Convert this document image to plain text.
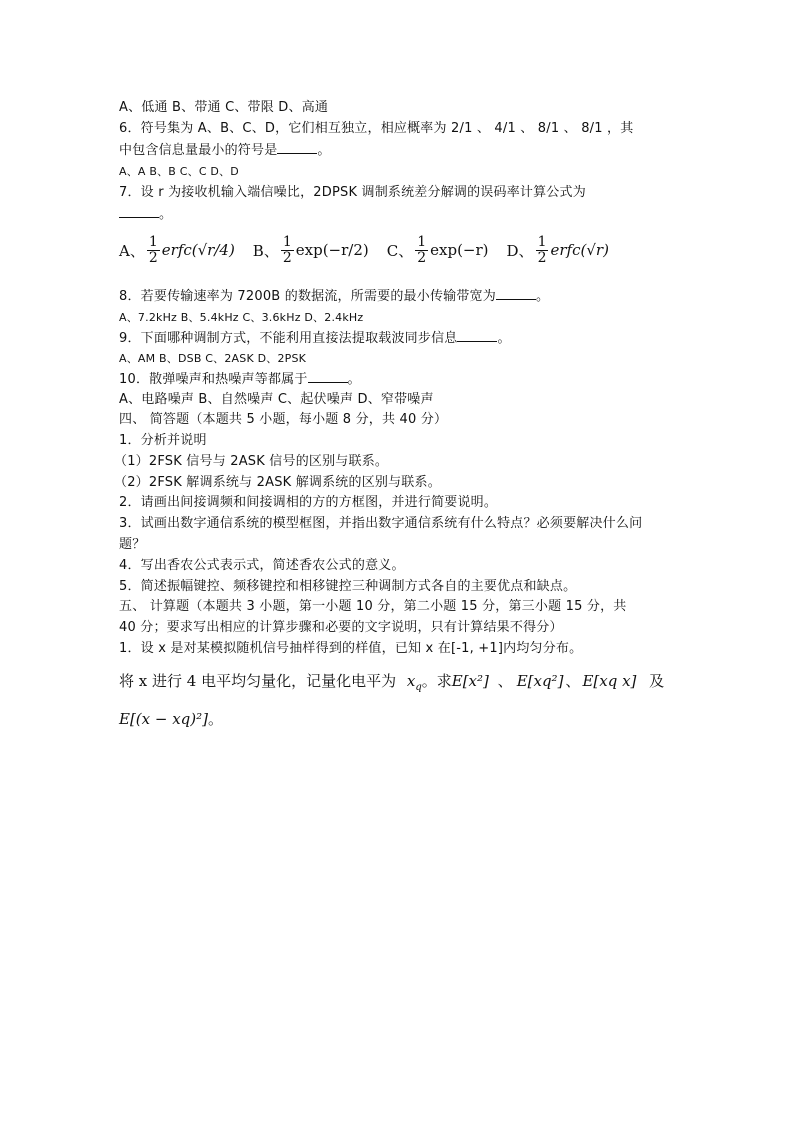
A、低通 B、带通 C、带限 D、高通
6．符号集为 A、B、C、D，它们相互独立，相应概率为 2/1 、 4/1 、 8/1 、 8/1 ，其
中包含信息量最小的符号是	。
A、A B、B C、C D、D
7．设 r 为接收机输入端信噪比，2DPSK 调制系统差分解调的误码率计算公式为
。
A、 $\frac{1}{2}$ erfc(√r/4) B、 $\frac{1}{2} \exp(-r/2)$ C、 $\frac{1}{2} \exp(-r)$ D、 $\frac{1}{2}$ erfc(√r)
8．若要传输速率为 7200B 的数据流，所需要的最小传输带宽为	。
A、7.2kHz B、5.4kHz C、3.6kHz D、2.4kHz
9．下面哪种调制方式，不能利用直接法提取载波同步信息	。
A、AM B、DSB C、2ASK D、2PSK
10．散弹噪声和热噪声等都属于	。
A、电路噪声 B、自然噪声 C、起伏噪声 D、窄带噪声
四、 简答题（本题共 5 小题，每小题 8 分，共 40 分）
1．分析并说明
（1）2FSK 信号与 2ASK 信号的区别与联系。
（2）2FSK 解调系统与 2ASK 解调系统的区别与联系。
2．请画出间接调频和间接调相的方的方框图，并进行简要说明。
3．试画出数字通信系统的模型框图，并指出数字通信系统有什么特点？必须要解决什么问
题？
4．写出香农公式表示式，简述香农公式的意义。
5．简述振幅键控、频移键控和相移键控三种调制方式各自的主要优点和缺点。
五、 计算题（本题共 3 小题，第一小题 10 分，第二小题 15 分，第三小题 15 分，共
40 分；要求写出相应的计算步骤和必要的文字说明，只有计算结果不得分）
1．设 x 是对某模拟随机信号抽样得到的样值，已知 x 在[-1, +1]内均匀分布。
将 x 进行 4 电平均匀量化，记量化电平为 $x_q$。求E[x²] 、 E[xq²] 、 E[xq x] 及
E[(x − xq)²]。
